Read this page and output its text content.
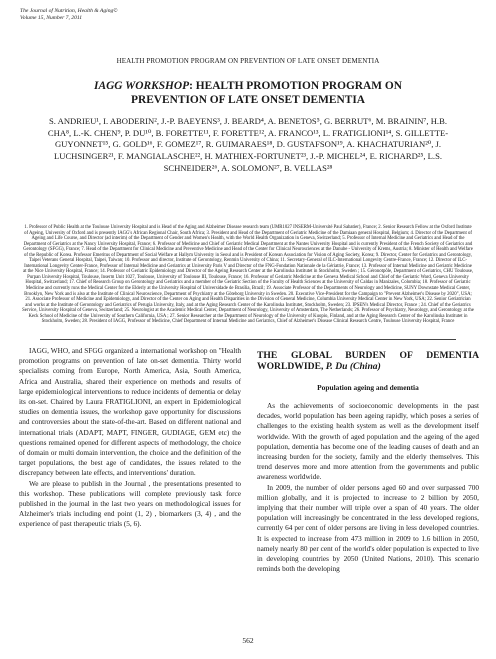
The Journal of Nutrition, Health & Aging©
Volume 15, Number 7, 2011
HEALTH PROMOTION PROGRAM ON PREVENTION OF LATE ONSET DEMENTIA
IAGG WORKSHOP: HEALTH PROMOTION PROGRAM ON PREVENTION OF LATE ONSET DEMENTIA
S. ANDRIEU¹, I. ABODERIN², J.-P. BAEYENS³, J. BEARD⁴, A. BENETOS⁵, G. BERRUT⁶, M. BRAININ⁷, H.B. CHA⁸, L.-K. CHEN⁹, P. DU¹⁰, B. FORETTE¹¹, F. FORETTE¹², A. FRANCO¹³, L. FRATIGLIONI¹⁴, S. GILLETTE-GUYONNET¹⁵, G. GOLD¹⁶, F. GOMEZ¹⁷, R. GUIMARAES¹⁸, D. GUSTAFSON¹⁹, A. KHACHATURIAN²⁰, J. LUCHSINGER²¹, F. MANGIALASCHE²², H. MATHIEX-FORTUNET²³, J.-P. MICHEL²⁴, E. RICHARD²⁵, L.S. SCHNEIDER²⁶, A. SOLOMON²⁷, B. VELLAS²⁸
1. Professor of Public Health at the Toulouse University Hospital and is Head of the Aging and Alzheimer Disease research team (UMR1027 INSERM-Université Paul Sabatier), France; 2. Senior Research Fellow at the Oxford Institute of Ageing, University of Oxford and is presently IAGG's African Regional Chair, South Africa; 3. President and Head of the Department of Geriatric Medicine of the Damiaan general Hospital, Belgium; 4. Director of the Department of Ageing and Life Course, and Director (ad interim) of the Department of Gender and Women's Health, with the World Health Organization in Geneva, Switzerland; 5. Professor of Internal Medicine and Geriatrics and Head of the Department of Geriatrics at the Nancy University Hospital, France; 6. Professor of Medicine and Chief of Geriatric Medical Department at the Nantes University Hospital and is currently President of the French Society of Geriatrics and Gerontology (SFGG), France; 7. Head of the Department for Clinical Medicine and Preventive Medicine and Head of the Center for Clinical Neurosciences at the Danube - University of Krems, Austria; 8. Minister of Health and Welfare of the Republic of Korea. Professor Emeritus of Department of Social Welfare at Hallym University in Seoul and is President of Korean Association for Vision of Aging Society, Korea; 9. Director, Center for Geriatrics and Gerontology, Taipei Veterans General Hospital, Taipei, Taiwan; 10. Professor and director, Institute of Gerontology, Renmin University of China; 11. Secretary-General of ILC-International Longevity Centre-France, France; 12. Director of ILC-International Longevity Center-France, Professor of Internal Medicine and Geriatrics at University Paris V and Director of the FNG-Fondation Nationale de la Gériatrie, France; 13. Professor of Internal Medicine and Geriatric Medicine at the Nice University Hospital, France; 14. Professor of Geriatric Epidemiology and Director of the Ageing Research Center at the Karolinska Institutet in Stockholm, Sweden ; 15. Géronotpôle, Department of Geriatrics, CHU Toulouse, Purpan University Hospital, Toulouse, Inserm Unit 1027, Toulouse, University of Toulouse III, Toulouse, France; 16. Professor of Geriatric Medicine at the Geneva Medical School and Chief of the Geriatric Ward, Geneva University Hospital, Switzerland; 17. Chief of Research Group on Gerontology and Geriatrics and a member of the Geriatric Section of the Faculty of Health Sciences at the University of Caldas in Manizales, Colombia; 18. Professor of Geriatric Medicine and currently runs the Medical Center for the Elderly at the University Hospital of Universidade de Brasília, Brazil; 19. Associate Professor of the Departments of Neurology and Medicine, SUNY Downstate Medical Center, Brooklyn, New York and is also at the Institute of Clinical Neuroscience, Department of Psychiatry at the Göteborg University in Sweden. 20. Executive Vice-President for the Campaign to "Prevent Alzheimer's Disease by 2020", USA; 21. Associate Professor of Medicine and Epidemiology, and Director of the Center on Aging and Health Disparities in the Division of General Medicine, Columbia University Medical Center in New York, USA; 22. Senior Geriatrician and works at the Institute of Gerontology and Geriatrics of Perugia University, Italy, and at the Aging Research Center of the Karolinska Institutet, Stockholm, Sweden; 23. IPSEN's Medical Director, France ; 24. Chief of the Geriatrics Service, University Hospital of Geneva, Switzerland; 25. Neurologist at the Academic Medical Center, Department of Neurology, University of Amsterdam, The Netherlands; 26. Professor of Psychiatry, Neurology, and Gerontology at the Keck School of Medicine of the University of Southern California, USA ; 27. Senior Researcher at the Department of Neurology of the University of Kuopio, Finland, and at the Aging Research Center of the Karolinska Institutet in Stockholm, Sweden; 28. President of IAGG, Professor of Medicine, Chief Department of Internal Medicine and Geriatrics, Chief of Alzheimer's Disease Clinical Research Centre, Toulouse University Hospital, France

IAGG, WHO, and SFGG organized a international workshop on "Health promotion programs on prevention of late on-set dementia. Thirty world specialists coming from Europe, North America, Asia, South America, Africa and Australia, shared their experience on methods and results of large epidemiological interventions to reduce incidents of dementia or delay its on-set. Chaired by Laura FRATIGLIONI, an expert in Epidemiological studies on dementia issues, the workshop gave opportunity for discussions and controversies about the state-of-the-art. Based on different national and international trials (ADAPT, MAPT, FINGER, GUDIAGE, GEM etc) the questions remained opened for different aspects of methodology, the choice of domain or multi domain intervention, the choice and the definition of the target populations, the best age of candidates, the issues related to the discrepancy between late effects, and interventions' duration.

We are please to publish in the Journal , the presentations presented to this workshop. These publications will complete previously task force published in the journal in the last two years on methodological issues for Alzheimer's trials including end point (1, 2) , biomarkers (3, 4) , and the experience of past therapeutic trials (5, 6).

THE GLOBAL BURDEN OF DEMENTIA WORLDWIDE, P. Du (China)
Population ageing and dementia

As the achievements of socioeconomic developments in the past decades, world population has been ageing rapidly, which poses a series of challenges to the existing health system as well as the development itself worldwide. With the growth of aged population and the ageing of the aged population, dementia has become one of the leading causes of death and an increasing burden for the society, family and the elderly themselves. This trend deserves more and more attention from the governments and public awareness worldwide.

In 2009, the number of older persons aged 60 and over surpassed 700 million globally, and it is projected to increase to 2 billion by 2050, implying that their number will triple over a span of 40 years. The older population will increasingly be concentrated in the less developed regions, currently 64 per cent of older persons are living in less developed countries. It is expected to increase from 473 million in 2009 to 1.6 billion in 2050, namely nearly 80 per cent of the world's older population is expected to live in developing countries by 2050 (United Nations, 2010). This scenario reminds both the developing

562
